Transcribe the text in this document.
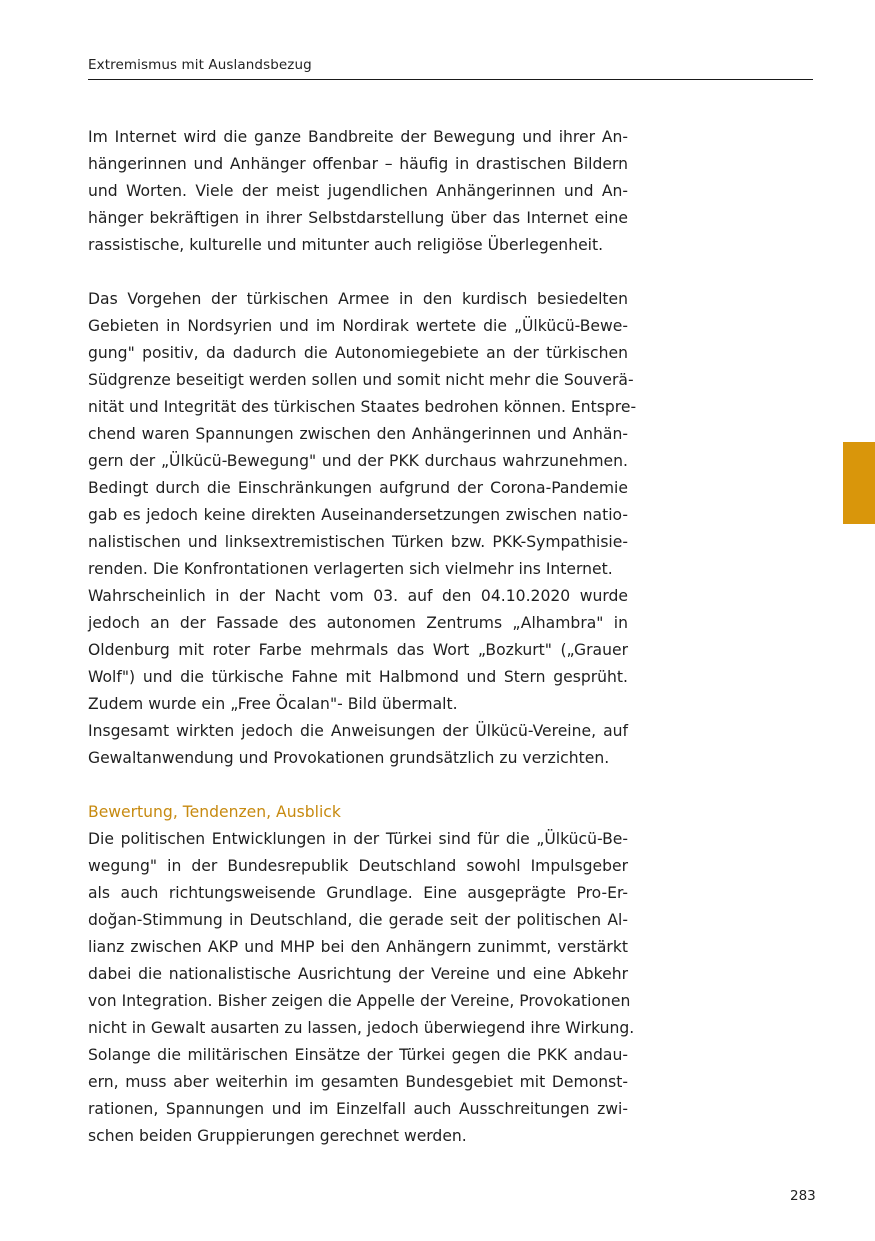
Extremismus mit Auslandsbezug
Im Internet wird die ganze Bandbreite der Bewegung und ihrer An-
hängerinnen und Anhänger offenbar – häufig in drastischen Bildern
und Worten. Viele der meist jugendlichen Anhängerinnen und An-
hänger bekräftigen in ihrer Selbstdarstellung über das Internet eine
rassistische, kulturelle und mitunter auch religiöse Überlegenheit.
Das Vorgehen der türkischen Armee in den kurdisch besiedelten
Gebieten in Nordsyrien und im Nordirak wertete die „Ülkücü-Bewe-
gung" positiv, da dadurch die Autonomiegebiete an der türkischen
Südgrenze beseitigt werden sollen und somit nicht mehr die Souverä-
nität und Integrität des türkischen Staates bedrohen können. Entspre-
chend waren Spannungen zwischen den Anhängerinnen und Anhän-
gern der „Ülkücü-Bewegung" und der PKK durchaus wahrzunehmen.
Bedingt durch die Einschränkungen aufgrund der Corona-Pandemie
gab es jedoch keine direkten Auseinandersetzungen zwischen natio-
nalistischen und linksextremistischen Türken bzw. PKK-Sympathisie-
renden. Die Konfrontationen verlagerten sich vielmehr ins Internet.
Wahrscheinlich in der Nacht vom 03. auf den 04.10.2020 wurde
jedoch an der Fassade des autonomen Zentrums „Alhambra" in
Oldenburg mit roter Farbe mehrmals das Wort „Bozkurt" („Grauer
Wolf") und die türkische Fahne mit Halbmond und Stern gesprüht.
Zudem wurde ein „Free Öcalan"- Bild übermalt.
Insgesamt wirkten jedoch die Anweisungen der Ülkücü-Vereine, auf
Gewaltanwendung und Provokationen grundsätzlich zu verzichten.
Bewertung, Tendenzen, Ausblick
Die politischen Entwicklungen in der Türkei sind für die „Ülkücü-Be-
wegung" in der Bundesrepublik Deutschland sowohl Impulsgeber
als auch richtungsweisende Grundlage. Eine ausgeprägte Pro-Er-
doğan-Stimmung in Deutschland, die gerade seit der politischen Al-
lianz zwischen AKP und MHP bei den Anhängern zunimmt, verstärkt
dabei die nationalistische Ausrichtung der Vereine und eine Abkehr
von Integration. Bisher zeigen die Appelle der Vereine, Provokationen
nicht in Gewalt ausarten zu lassen, jedoch überwiegend ihre Wirkung.
Solange die militärischen Einsätze der Türkei gegen die PKK andau-
ern, muss aber weiterhin im gesamten Bundesgebiet mit Demonst-
rationen, Spannungen und im Einzelfall auch Ausschreitungen zwi-
schen beiden Gruppierungen gerechnet werden.
283
